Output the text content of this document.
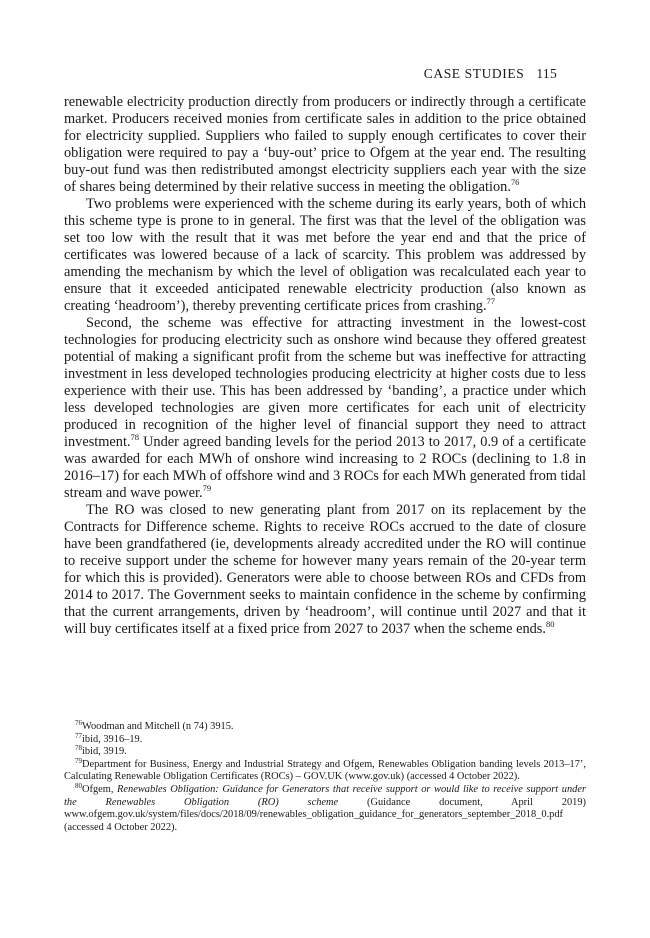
CASE STUDIES 115

renewable electricity production directly from producers or indirectly through a certificate market. Producers received monies from certificate sales in addition to the price obtained for electricity supplied. Suppliers who failed to supply enough certificates to cover their obligation were required to pay a ‘buy-out’ price to Ofgem at the year end. The resulting buy-out fund was then redistributed amongst electricity suppliers each year with the size of shares being determined by their relative success in meeting the obligation.$^{76}$

Two problems were experienced with the scheme during its early years, both of which this scheme type is prone to in general. The first was that the level of the obligation was set too low with the result that it was met before the year end and that the price of certificates was lowered because of a lack of scarcity. This problem was addressed by amending the mechanism by which the level of obligation was recalculated each year to ensure that it exceeded anticipated renewable electricity production (also known as creating ‘headroom’), thereby preventing certificate prices from crashing.$^{77}$

Second, the scheme was effective for attracting investment in the lowest-cost technologies for producing electricity such as onshore wind because they offered greatest potential of making a significant profit from the scheme but was ineffective for attracting investment in less developed technologies producing electricity at higher costs due to less experience with their use. This has been addressed by ‘banding’, a practice under which less developed technologies are given more certificates for each unit of electricity produced in recognition of the higher level of financial support they need to attract investment.$^{78}$ Under agreed banding levels for the period 2013 to 2017, 0.9 of a certificate was awarded for each MWh of onshore wind increasing to 2 ROCs (declining to 1.8 in 2016–17) for each MWh of offshore wind and 3 ROCs for each MWh generated from tidal stream and wave power.$^{79}$

The RO was closed to new generating plant from 2017 on its replacement by the Contracts for Difference scheme. Rights to receive ROCs accrued to the date of closure have been grandfathered (ie, developments already accredited under the RO will continue to receive support under the scheme for however many years remain of the 20-year term for which this is provided). Generators were able to choose between ROs and CFDs from 2014 to 2017. The Government seeks to maintain confidence in the scheme by confirming that the current arrangements, driven by ‘headroom’, will continue until 2027 and that it will buy certificates itself at a fixed price from 2027 to 2037 when the scheme ends.$^{80}$

$^{76}$Woodman and Mitchell (n 74) 3915.

$^{77}$ibid, 3916–19.

$^{78}$ibid, 3919.

$^{79}$Department for Business, Energy and Industrial Strategy and Ofgem, Renewables Obligation banding levels 2013–17’, Calculating Renewable Obligation Certificates (ROCs) – GOV.UK (www.gov.uk) (accessed 4 October 2022).

$^{80}$Ofgem, Renewables Obligation: Guidance for Generators that receive support or would like to receive support under the Renewables Obligation (RO) scheme (Guidance document, April 2019) www.ofgem.gov.uk/system/files/docs/2018/09/renewables_obligation_guidance_for_generators_september_2018_0.pdf (accessed 4 October 2022).
